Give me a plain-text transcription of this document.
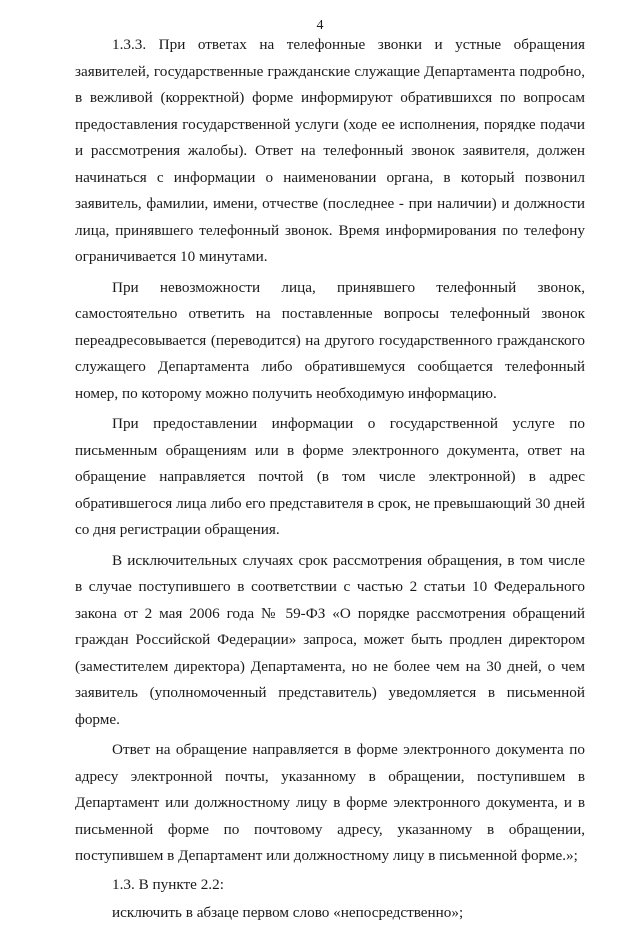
4

1.3.3. При ответах на телефонные звонки и устные обращения заявителей, государственные гражданские служащие Департамента подробно, в вежливой (корректной) форме информируют обратившихся по вопросам предоставления государственной услуги (ходе ее исполнения, порядке подачи и рассмотрения жалобы). Ответ на телефонный звонок заявителя, должен начинаться с информации о наименовании органа, в который позвонил заявитель, фамилии, имени, отчестве (последнее - при наличии) и должности лица, принявшего телефонный звонок. Время информирования по телефону ограничивается 10 минутами.

При невозможности лица, принявшего телефонный звонок, самостоятельно ответить на поставленные вопросы телефонный звонок переадресовывается (переводится) на другого государственного гражданского служащего Департамента либо обратившемуся сообщается телефонный номер, по которому можно получить необходимую информацию.

При предоставлении информации о государственной услуге по письменным обращениям или в форме электронного документа, ответ на обращение направляется почтой (в том числе электронной) в адрес обратившегося лица либо его представителя в срок, не превышающий 30 дней со дня регистрации обращения.

В исключительных случаях срок рассмотрения обращения, в том числе в случае поступившего в соответствии с частью 2 статьи 10 Федерального закона от 2 мая 2006 года № 59-ФЗ «О порядке рассмотрения обращений граждан Российской Федерации» запроса, может быть продлен директором (заместителем директора) Департамента, но не более чем на 30 дней, о чем заявитель (уполномоченный представитель) уведомляется в письменной форме.

Ответ на обращение направляется в форме электронного документа по адресу электронной почты, указанному в обращении, поступившем в Департамент или должностному лицу в форме электронного документа, и в письменной форме по почтовому адресу, указанному в обращении, поступившем в Департамент или должностному лицу в письменной форме.»;

1.3. В пункте 2.2:

исключить в абзаце первом слово «непосредственно»;
